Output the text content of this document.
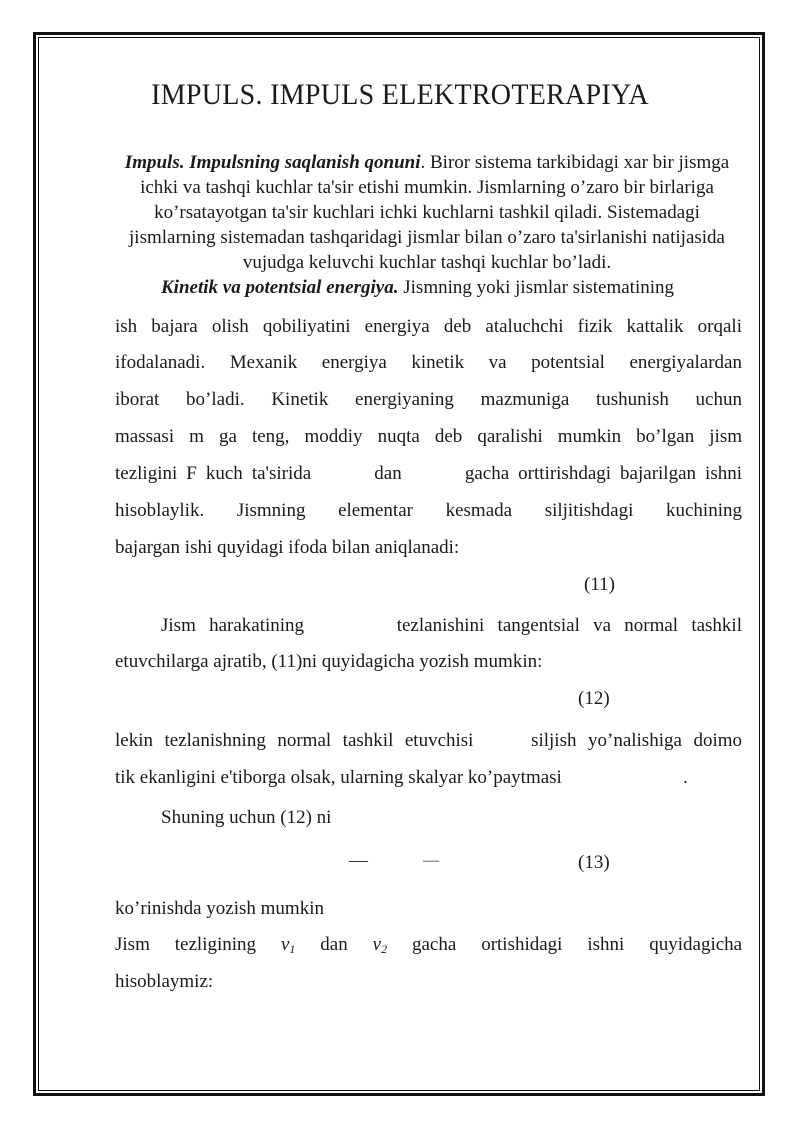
IMPULS. IMPULS ELEKTROTERAPIYA

Impuls. Impulsning saqlanish qonuni. Biror sistema tarkibidagi xar bir jismga ichki va tashqi kuchlar ta'sir etishi mumkin. Jismlarning o’zaro bir birlariga ko’rsatayotgan ta'sir kuchlari ichki kuchlarni tashkil qiladi. Sistemadagi jismlarning sistemadan tashqaridagi jismlar bilan o’zaro ta'sirlanishi natijasida vujudga keluvchi kuchlar tashqi kuchlar bo’ladi.

Kinetik va potentsial energiya. Jismning yoki jismlar sistematining

ish bajara olish qobiliyatini energiya deb ataluchchi fizik kattalik orqali

ifodalanadi. Mexanik energiya kinetik va potentsial energiyalardan

iborat bo’ladi. Kinetik energiyaning mazmuniga tushunish uchun

massasi m ga teng, moddiy nuqta deb qaralishi mumkin bo’lgan jism

tezligini F kuch ta'sirida       dan       gacha orttirishdagi bajarilgan ishni

hisoblaylik. Jismning elementar kesmada siljitishdagi kuchining

bajargan ishi quyidagi ifoda bilan aniqlanadi:

(11)

Jism harakatining       tezlanishini tangentsial va normal tashkil

etuvchilarga ajratib, (11)ni quyidagicha yozish mumkin:

(12)

lekin tezlanishning normal tashkil etuvchisi     siljish yo’nalishiga doimo

tik ekanligini e'tiborga olsak, ularning skalyar ko’paytmasi	.

Shuning uchun (12) ni

—	—	(13)

ko’rinishda yozish mumkin

Jism tezligining $v_1$ dan $v_2$ gacha ortishidagi ishni quyidagicha

hisoblaymiz:
